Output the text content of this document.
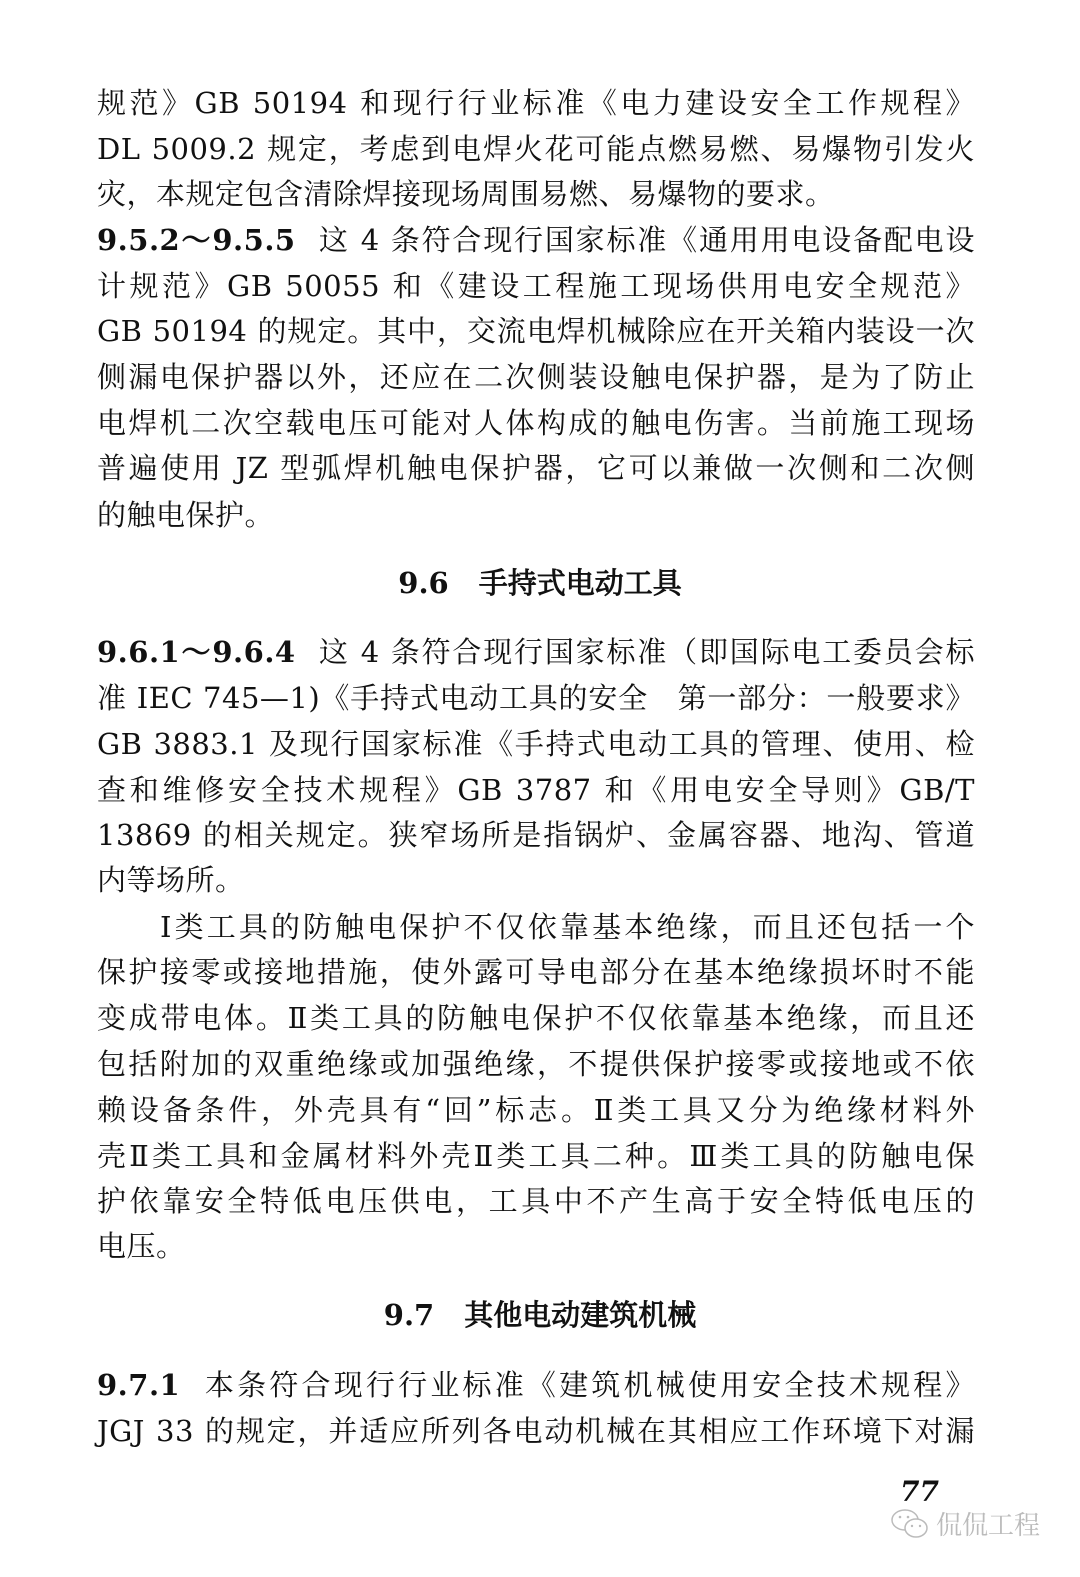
9.6 手持式电动工具
9.7 其他电动建筑机械
77
侃侃工程
规范》GB 50194 和现行行业标准《电力建设安全工作规程》
DL 5009.2 规定，考虑到电焊火花可能点燃易燃、易爆物引发火
灾，本规定包含清除焊接现场周围易燃、易爆物的要求。
9.5.2～9.5.5 这 4 条符合现行国家标准《通用用电设备配电设
计规范》GB 50055 和《建设工程施工现场供用电安全规范》
GB 50194 的规定。其中，交流电焊机械除应在开关箱内装设一次
侧漏电保护器以外，还应在二次侧装设触电保护器，是为了防止
电焊机二次空载电压可能对人体构成的触电伤害。当前施工现场
普遍使用 JZ 型弧焊机触电保护器，它可以兼做一次侧和二次侧
的触电保护。
9.6.1～9.6.4 这 4 条符合现行国家标准（即国际电工委员会标
准 IEC 745—1)《手持式电动工具的安全　第一部分：一般要求》
GB 3883.1 及现行国家标准《手持式电动工具的管理、使用、检
查和维修安全技术规程》GB 3787 和《用电安全导则》GB/T
13869 的相关规定。狭窄场所是指锅炉、金属容器、地沟、管道
内等场所。
Ⅰ类工具的防触电保护不仅依靠基本绝缘，而且还包括一个
保护接零或接地措施，使外露可导电部分在基本绝缘损坏时不能
变成带电体。Ⅱ类工具的防触电保护不仅依靠基本绝缘，而且还
包括附加的双重绝缘或加强绝缘，不提供保护接零或接地或不依
赖设备条件，外壳具有“回”标志。Ⅱ类工具又分为绝缘材料外
壳Ⅱ类工具和金属材料外壳Ⅱ类工具二种。Ⅲ类工具的防触电保
护依靠安全特低电压供电，工具中不产生高于安全特低电压的
电压。
9.7.1 本条符合现行行业标准《建筑机械使用安全技术规程》
JGJ 33 的规定，并适应所列各电动机械在其相应工作环境下对漏
